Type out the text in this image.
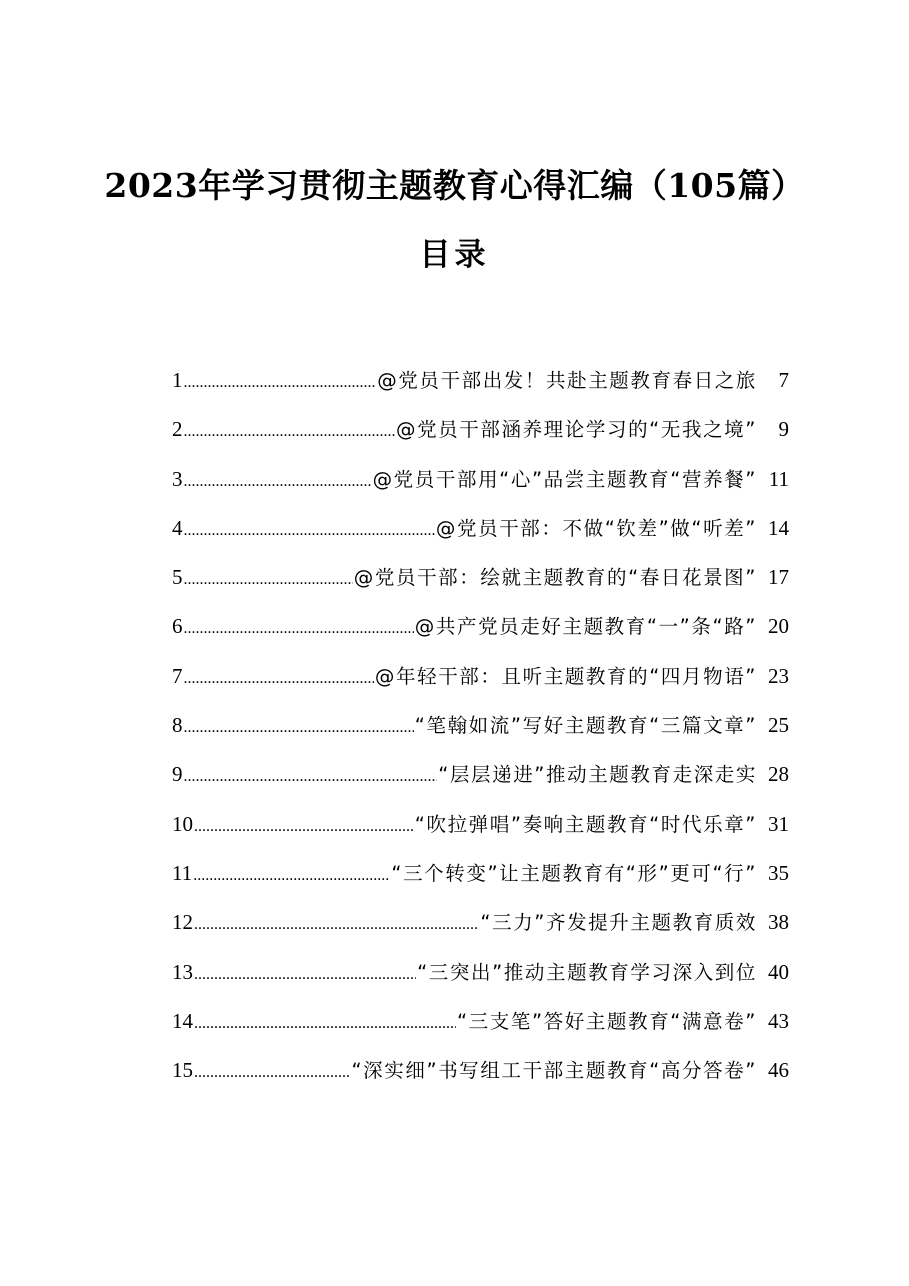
2023年学习贯彻主题教育心得汇编（105篇）
目录
1 .....	@党员干部出发！共赴主题教育春日之旅	7
2 .....	@党员干部涵养理论学习的“无我之境”	9
3 .....	@党员干部用“心”品尝主题教育“营养餐” 11
4 .....	@党员干部：不做“钦差”做“听差” 14
5 .....	@党员干部：绘就主题教育的“春日花景图” 17
6 .....	@共产党员走好主题教育“一”条“路” 20
7 .....	@年轻干部：且听主题教育的“四月物语” 23
8 .....	“笔翰如流”写好主题教育“三篇文章” 25
9 .....	“层层递进”推动主题教育走深走实 28
10 .....	“吹拉弹唱”奏响主题教育“时代乐章” 31
11 .....	“三个转变”让主题教育有“形”更可“行” 35
12 .....	“三力”齐发提升主题教育质效 38
13 .....	“三突出”推动主题教育学习深入到位 40
14 .....	“三支笔”答好主题教育“满意卷” 43
15 .....	“深实细”书写组工干部主题教育“高分答卷” 46
